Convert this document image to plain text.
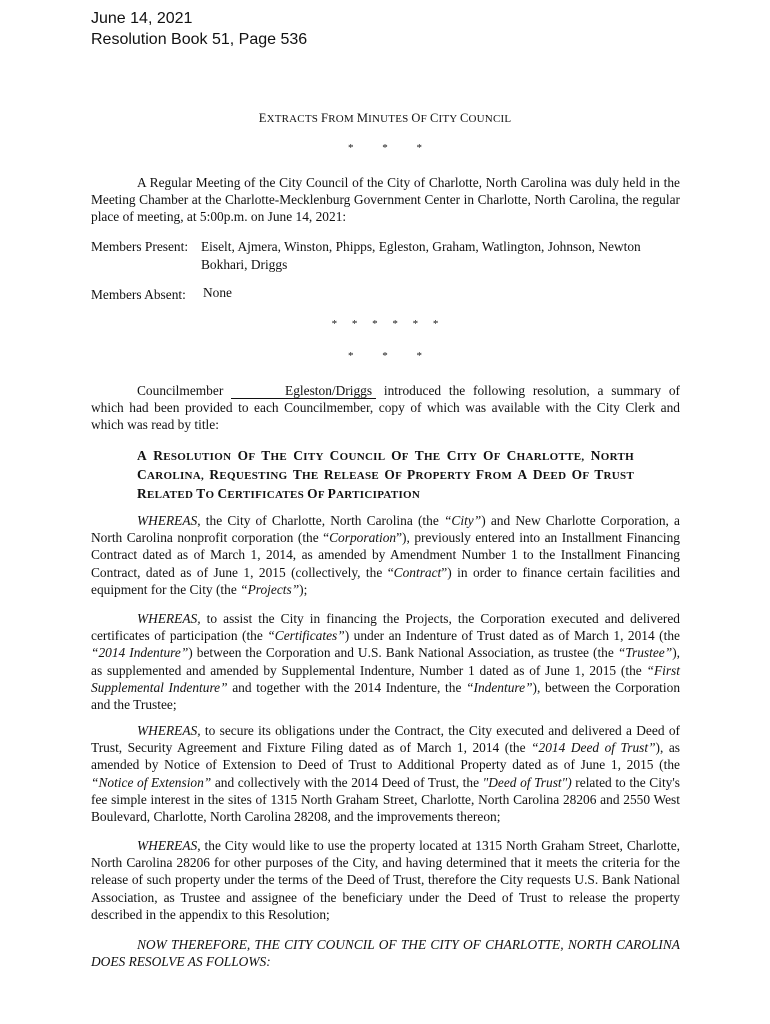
June 14, 2021
Resolution Book 51, Page 536
EXTRACTS FROM MINUTES OF CITY COUNCIL
* * *
A Regular Meeting of the City Council of the City of Charlotte, North Carolina was duly held in the Meeting Chamber at the Charlotte-Mecklenburg Government Center in Charlotte, North Carolina, the regular place of meeting, at 5:00p.m. on June 14, 2021:
Members Present: Eiselt, Ajmera, Winston, Phipps, Egleston, Graham, Watlington, Johnson, Newton
Bokhari, Driggs
Members Absent: None
* * * * * *
* * *
Councilmember	Egleston/Driggs introduced the following resolution, a summary of which had been provided to each Councilmember, copy of which was available with the City Clerk and which was read by title:
A RESOLUTION OF THE CITY COUNCIL OF THE CITY OF CHARLOTTE, NORTH CAROLINA, REQUESTING THE RELEASE OF PROPERTY FROM A DEED OF TRUST RELATED TO CERTIFICATES OF PARTICIPATION
WHEREAS, the City of Charlotte, North Carolina (the “City”) and New Charlotte Corporation, a North Carolina nonprofit corporation (the “Corporation”), previously entered into an Installment Financing Contract dated as of March 1, 2014, as amended by Amendment Number 1 to the Installment Financing Contract, dated as of June 1, 2015 (collectively, the “Contract”) in order to finance certain facilities and equipment for the City (the “Projects”);
WHEREAS, to assist the City in financing the Projects, the Corporation executed and delivered certificates of participation (the “Certificates”) under an Indenture of Trust dated as of March 1, 2014 (the “2014 Indenture”) between the Corporation and U.S. Bank National Association, as trustee (the “Trustee”), as supplemented and amended by Supplemental Indenture, Number 1 dated as of June 1, 2015 (the “First Supplemental Indenture” and together with the 2014 Indenture, the “Indenture”), between the Corporation and the Trustee;
WHEREAS, to secure its obligations under the Contract, the City executed and delivered a Deed of Trust, Security Agreement and Fixture Filing dated as of March 1, 2014 (the “2014 Deed of Trust”), as amended by Notice of Extension to Deed of Trust to Additional Property dated as of June 1, 2015 (the “Notice of Extension” and collectively with the 2014 Deed of Trust, the "Deed of Trust") related to the City's fee simple interest in the sites of 1315 North Graham Street, Charlotte, North Carolina 28206 and 2550 West Boulevard, Charlotte, North Carolina 28208, and the improvements thereon;
WHEREAS, the City would like to use the property located at 1315 North Graham Street, Charlotte, North Carolina 28206 for other purposes of the City, and having determined that it meets the criteria for the release of such property under the terms of the Deed of Trust, therefore the City requests U.S. Bank National Association, as Trustee and assignee of the beneficiary under the Deed of Trust to release the property described in the appendix to this Resolution;
NOW THEREFORE, THE CITY COUNCIL OF THE CITY OF CHARLOTTE, NORTH CAROLINA DOES RESOLVE AS FOLLOWS:
